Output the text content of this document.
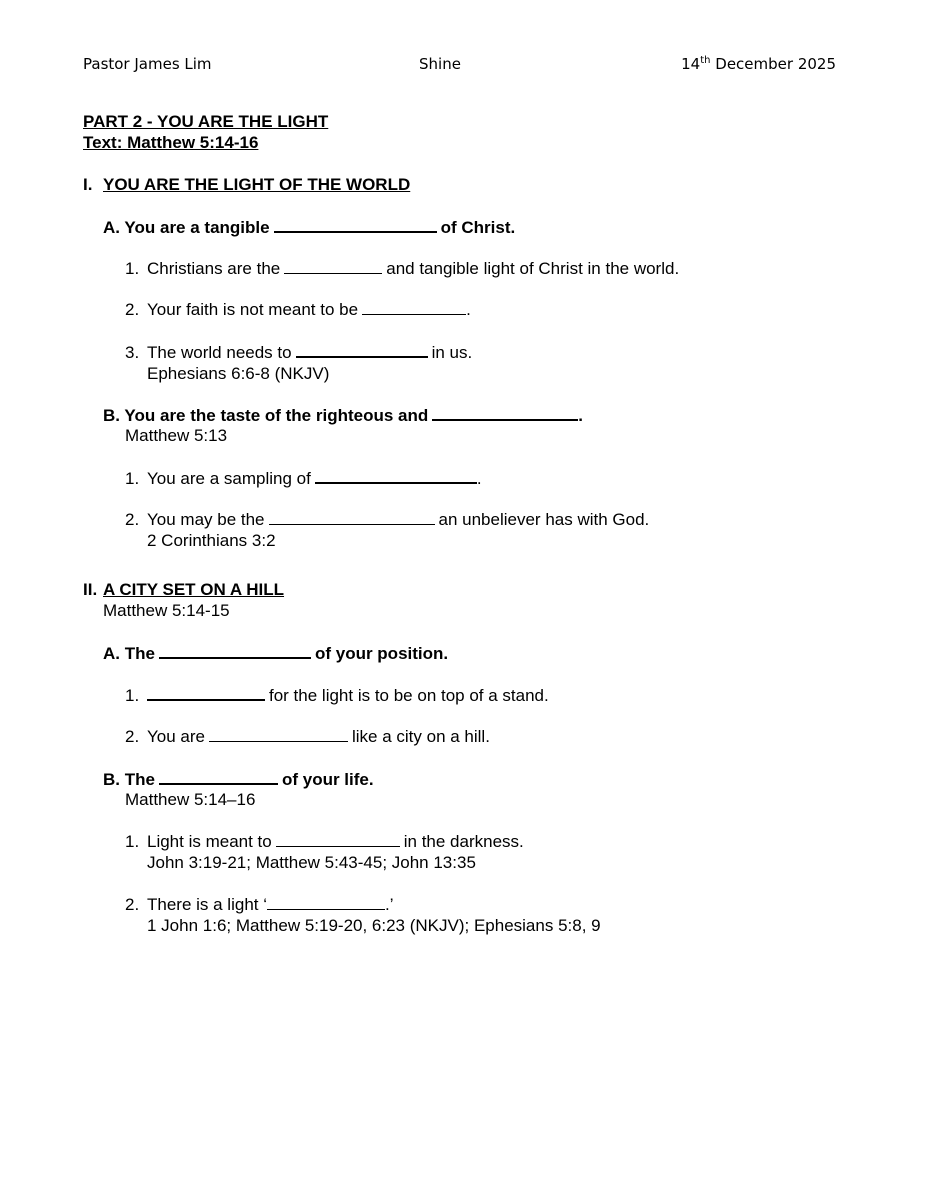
Pastor James Lim	Shine	14th December 2025
PART 2 - YOU ARE THE LIGHT
Text: Matthew 5:14-16
I. YOU ARE THE LIGHT OF THE WORLD
A. You are a tangible	of Christ.
1. Christians are the	and tangible light of Christ in the world.
2. Your faith is not meant to be	.
3. The world needs to	in us.
Ephesians 6:6-8 (NKJV)
B. You are the taste of the righteous and	.
Matthew 5:13
1. You are a sampling of	.
2. You may be the	an unbeliever has with God.
2 Corinthians 3:2
II. A CITY SET ON A HILL
Matthew 5:14-15
A. The	of your position.
1.	for the light is to be on top of a stand.
2. You are	like a city on a hill.
B. The	of your life.
Matthew 5:14–16
1. Light is meant to	in the darkness.
John 3:19-21; Matthew 5:43-45; John 13:35
2. There is a light ‘	.’
1 John 1:6; Matthew 5:19-20, 6:23 (NKJV); Ephesians 5:8, 9
